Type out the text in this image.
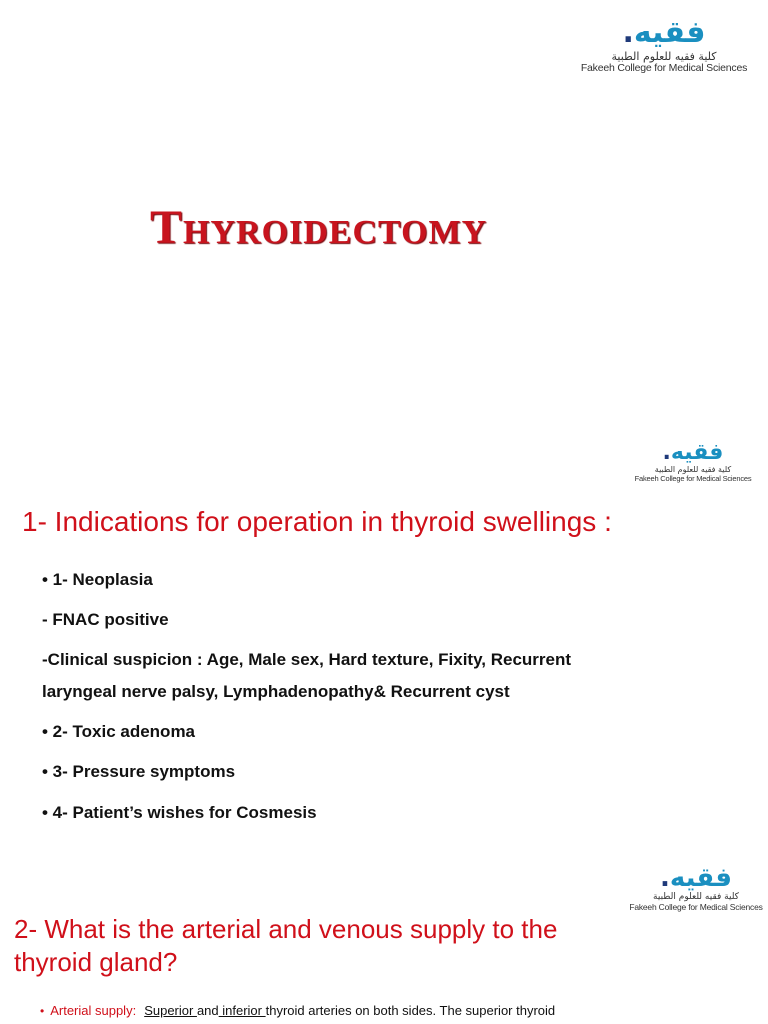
فقيه.
كلية فقيه للعلوم الطبية
Fakeeh College for Medical Sciences
Thyroidectomy
فقيه.
كلية فقيه للعلوم الطبية
Fakeeh College for Medical Sciences
1- Indications for operation in thyroid swellings :

• 1- Neoplasia

- FNAC positive

-Clinical suspicion : Age, Male sex, Hard texture, Fixity, Recurrent

laryngeal nerve palsy, Lymphadenopathy& Recurrent cyst

• 2- Toxic adenoma

• 3- Pressure symptoms

• 4- Patient’s wishes for Cosmesis

فقيه.
كلية فقيه للعلوم الطبية
Fakeeh College for Medical Sciences
2- What is the arterial and venous supply to the thyroid gland?
• Arterial supply: Superior and inferior thyroid arteries on both sides. The superior thyroid
